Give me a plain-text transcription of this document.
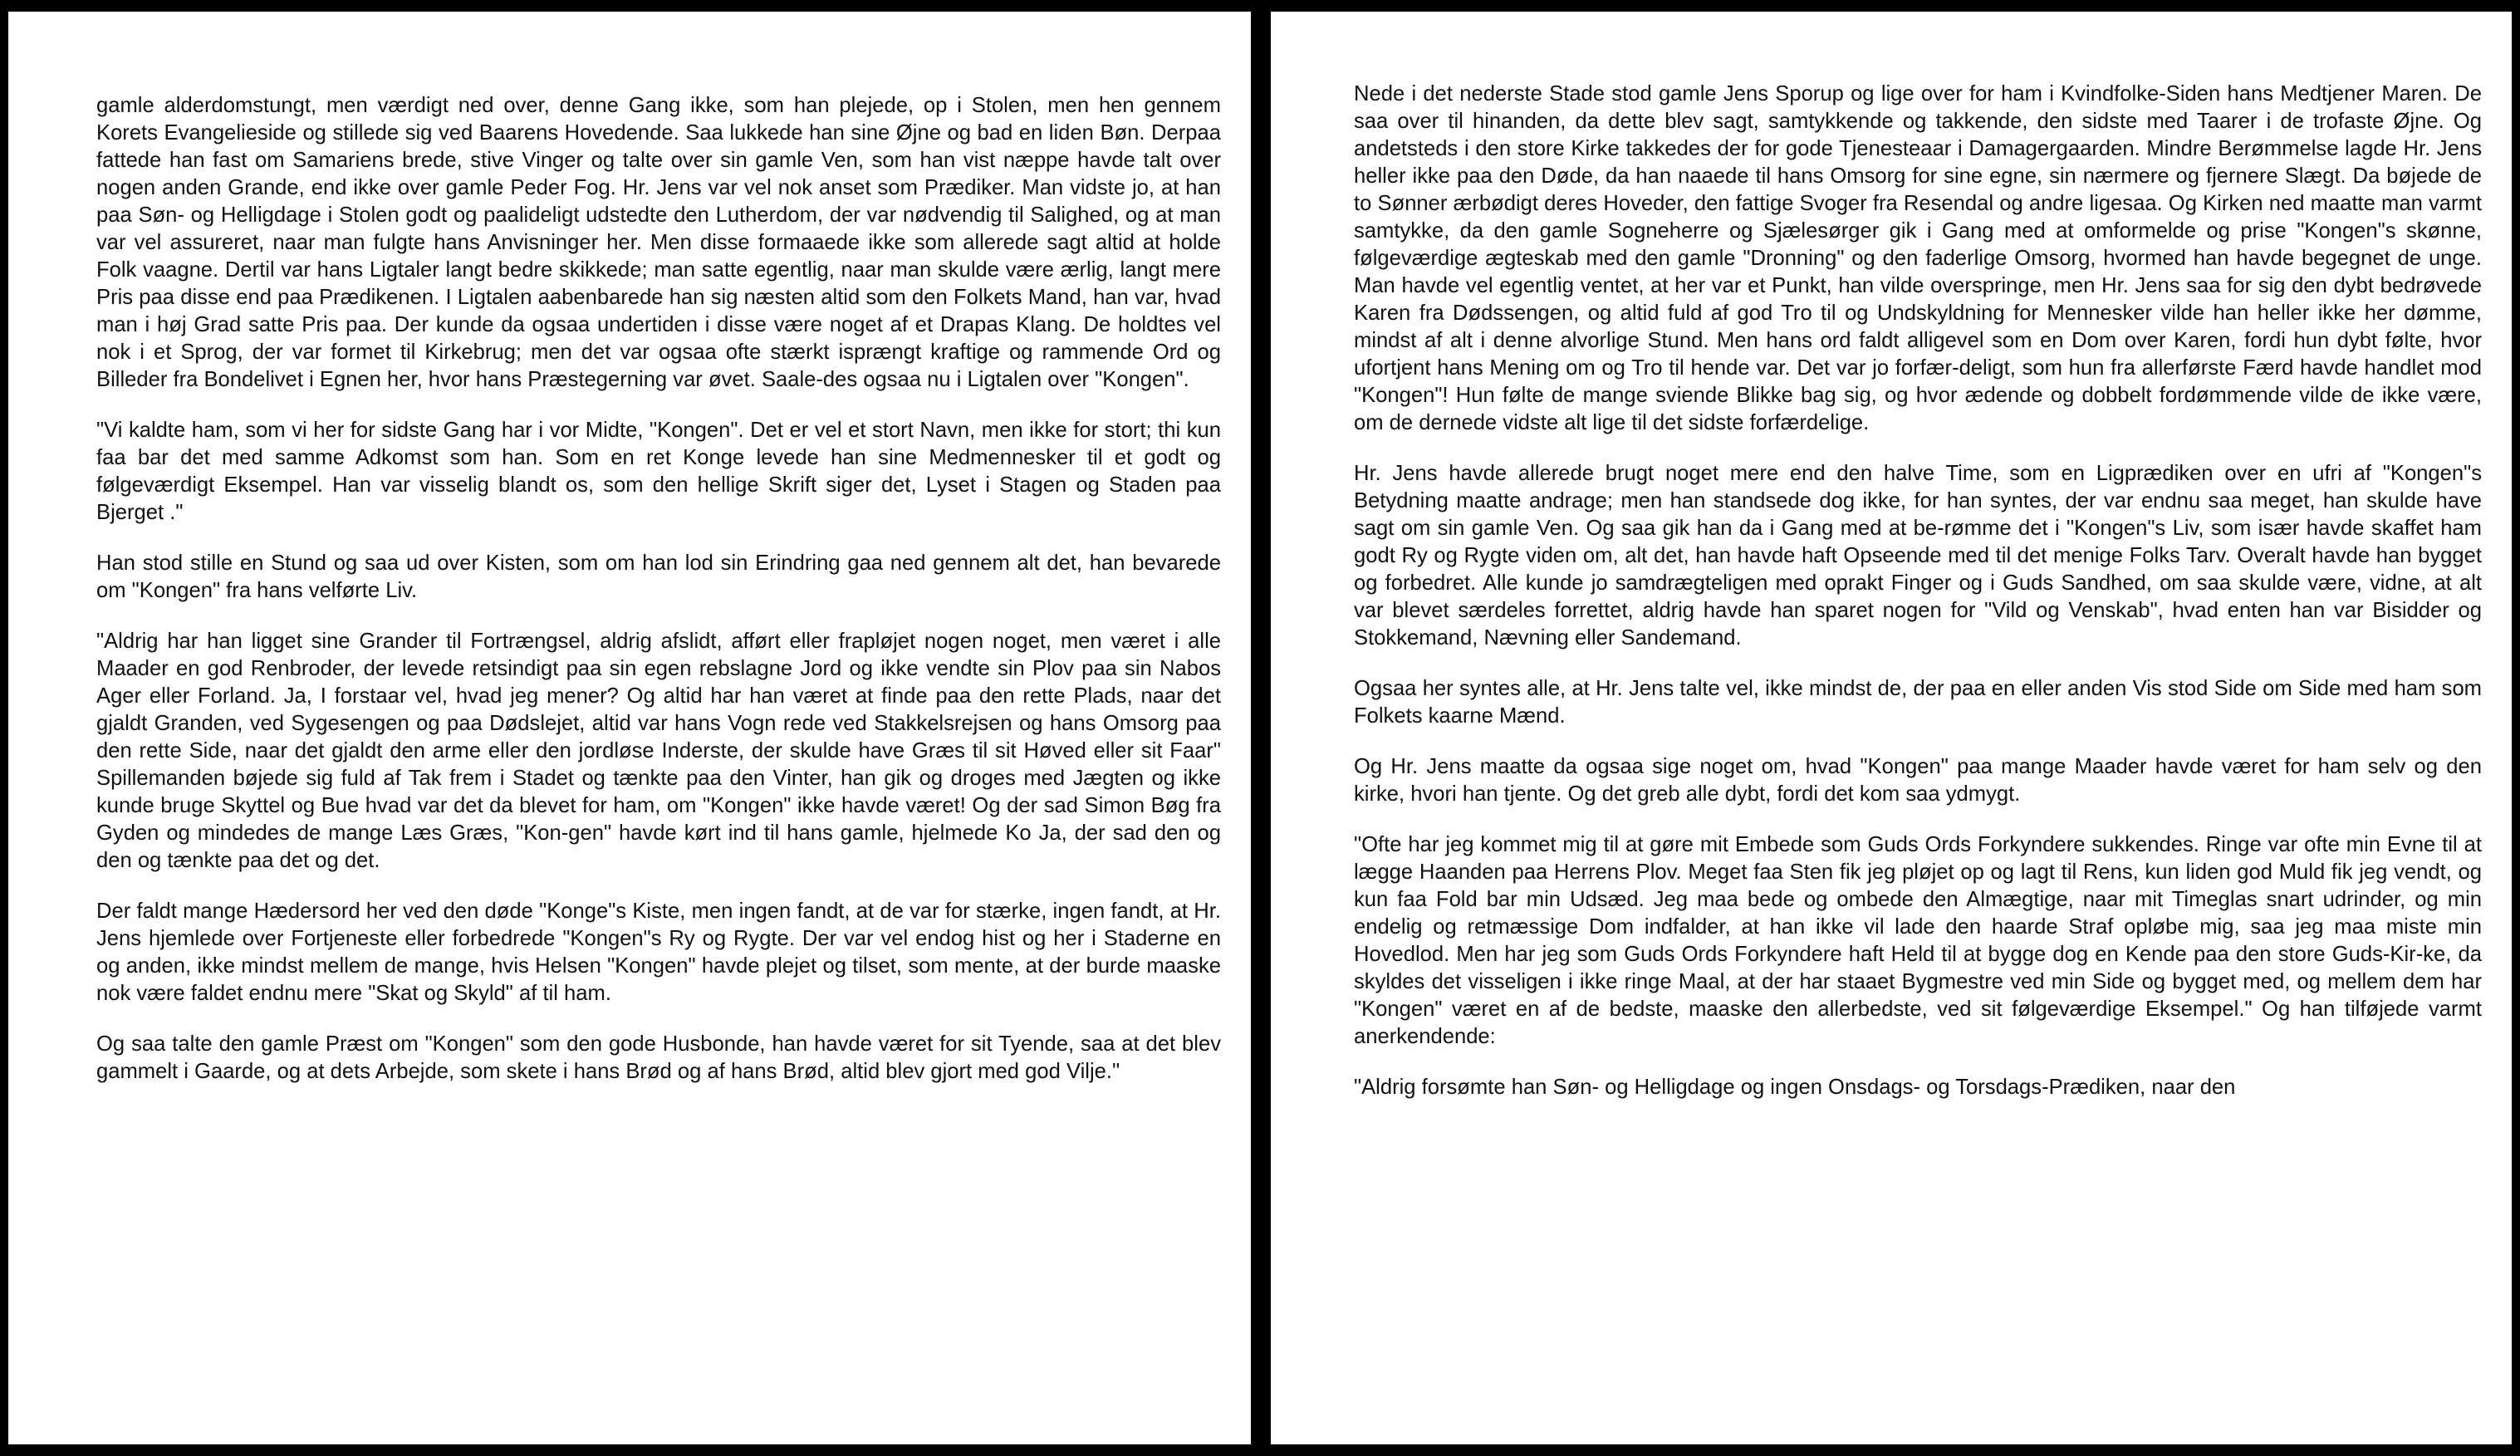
gamle alderdomstungt, men værdigt ned over, denne Gang ikke, som han plejede, op i Stolen, men hen gennem Korets Evangelieside og stillede sig ved Baarens Hovedende. Saa lukkede han sine Øjne og bad en liden Bøn. Derpaa fattede han fast om Samariens brede, stive Vinger og talte over sin gamle Ven, som han vist næppe havde talt over nogen anden Grande, end ikke over gamle Peder Fog. Hr. Jens var vel nok anset som Prædiker. Man vidste jo, at han paa Søn- og Helligdage i Stolen godt og paalideligt udstedte den Lutherdom, der var nødvendig til Salighed, og at man var vel assureret, naar man fulgte hans Anvisninger her. Men disse formaaede ikke som allerede sagt altid at holde Folk vaagne. Dertil var hans Ligtaler langt bedre skikkede; man satte egentlig, naar man skulde være ærlig, langt mere Pris paa disse end paa Prædikenen. I Ligtalen aabenbarede han sig næsten altid som den Folkets Mand, han var, hvad man i høj Grad satte Pris paa. Der kunde da ogsaa undertiden i disse være noget af et Drapas Klang. De holdtes vel nok i et Sprog, der var formet til Kirkebrug; men det var ogsaa ofte stærkt isprængt kraftige og rammende Ord og Billeder fra Bondelivet i Egnen her, hvor hans Præstegerning var øvet. Saale-des ogsaa nu i Ligtalen over "Kongen".

"Vi kaldte ham, som vi her for sidste Gang har i vor Midte, "Kongen". Det er vel et stort Navn, men ikke for stort; thi kun faa bar det med samme Adkomst som han. Som en ret Konge levede han sine Medmennesker til et godt og følgeværdigt Eksempel. Han var visselig blandt os, som den hellige Skrift siger det, Lyset i Stagen og Staden paa Bjerget ."

Han stod stille en Stund og saa ud over Kisten, som om han lod sin Erindring gaa ned gennem alt det, han bevarede om "Kongen" fra hans velførte Liv.

"Aldrig har han ligget sine Grander til Fortrængsel, aldrig afslidt, afført eller frapløjet nogen noget, men været i alle Maader en god Renbroder, der levede retsindigt paa sin egen rebslagne Jord og ikke vendte sin Plov paa sin Nabos Ager eller Forland. Ja, I forstaar vel, hvad jeg mener? Og altid har han været at finde paa den rette Plads, naar det gjaldt Granden, ved Sygesengen og paa Dødslejet, altid var hans Vogn rede ved Stakkelsrejsen og hans Omsorg paa den rette Side, naar det gjaldt den arme eller den jordløse Inderste, der skulde have Græs til sit Høved eller sit Faar" Spillemanden bøjede sig fuld af Tak frem i Stadet og tænkte paa den Vinter, han gik og droges med Jægten og ikke kunde bruge Skyttel og Bue hvad var det da blevet for ham, om "Kongen" ikke havde været! Og der sad Simon Bøg fra Gyden og mindedes de mange Læs Græs, "Kon-gen" havde kørt ind til hans gamle, hjelmede Ko Ja, der sad den og den og tænkte paa det og det.

Der faldt mange Hædersord her ved den døde "Konge"s Kiste, men ingen fandt, at de var for stærke, ingen fandt, at Hr. Jens hjemlede over Fortjeneste eller forbedrede "Kongen"s Ry og Rygte. Der var vel endog hist og her i Staderne en og anden, ikke mindst mellem de mange, hvis Helsen "Kongen" havde plejet og tilset, som mente, at der burde maaske nok være faldet endnu mere "Skat og Skyld" af til ham.

Og saa talte den gamle Præst om "Kongen" som den gode Husbonde, han havde været for sit Tyende, saa at det blev gammelt i Gaarde, og at dets Arbejde, som skete i hans Brød og af hans Brød, altid blev gjort med god Vilje."

Nede i det nederste Stade stod gamle Jens Sporup og lige over for ham i Kvindfolke-Siden hans Medtjener Maren. De saa over til hinanden, da dette blev sagt, samtykkende og takkende, den sidste med Taarer i de trofaste Øjne. Og andetsteds i den store Kirke takkedes der for gode Tjenesteaar i Damagergaarden. Mindre Berømmelse lagde Hr. Jens heller ikke paa den Døde, da han naaede til hans Omsorg for sine egne, sin nærmere og fjernere Slægt. Da bøjede de to Sønner ærbødigt deres Hoveder, den fattige Svoger fra Resendal og andre ligesaa. Og Kirken ned maatte man varmt samtykke, da den gamle Sogneherre og Sjælesørger gik i Gang med at omformelde og prise "Kongen"s skønne, følgeværdige ægteskab med den gamle "Dronning" og den faderlige Omsorg, hvormed han havde begegnet de unge. Man havde vel egentlig ventet, at her var et Punkt, han vilde overspringe, men Hr. Jens saa for sig den dybt bedrøvede Karen fra Dødssengen, og altid fuld af god Tro til og Undskyldning for Mennesker vilde han heller ikke her dømme, mindst af alt i denne alvorlige Stund. Men hans ord faldt alligevel som en Dom over Karen, fordi hun dybt følte, hvor ufortjent hans Mening om og Tro til hende var. Det var jo forfær-deligt, som hun fra allerførste Færd havde handlet mod "Kongen"! Hun følte de mange sviende Blikke bag sig, og hvor ædende og dobbelt fordømmende vilde de ikke være, om de dernede vidste alt lige til det sidste forfærdelige.

Hr. Jens havde allerede brugt noget mere end den halve Time, som en Ligprædiken over en ufri af "Kongen"s Betydning maatte andrage; men han standsede dog ikke, for han syntes, der var endnu saa meget, han skulde have sagt om sin gamle Ven. Og saa gik han da i Gang med at be-rømme det i "Kongen"s Liv, som især havde skaffet ham godt Ry og Rygte viden om, alt det, han havde haft Opseende med til det menige Folks Tarv. Overalt havde han bygget og forbedret. Alle kunde jo samdrægteligen med oprakt Finger og i Guds Sandhed, om saa skulde være, vidne, at alt var blevet særdeles forrettet, aldrig havde han sparet nogen for "Vild og Venskab", hvad enten han var Bisidder og Stokkemand, Nævning eller Sandemand.

Ogsaa her syntes alle, at Hr. Jens talte vel, ikke mindst de, der paa en eller anden Vis stod Side om Side med ham som Folkets kaarne Mænd.

Og Hr. Jens maatte da ogsaa sige noget om, hvad "Kongen" paa mange Maader havde været for ham selv og den kirke, hvori han tjente. Og det greb alle dybt, fordi det kom saa ydmygt.

"Ofte har jeg kommet mig til at gøre mit Embede som Guds Ords Forkyndere sukkendes. Ringe var ofte min Evne til at lægge Haanden paa Herrens Plov. Meget faa Sten fik jeg pløjet op og lagt til Rens, kun liden god Muld fik jeg vendt, og kun faa Fold bar min Udsæd. Jeg maa bede og ombede den Almægtige, naar mit Timeglas snart udrinder, og min endelig og retmæssige Dom indfalder, at han ikke vil lade den haarde Straf opløbe mig, saa jeg maa miste min Hovedlod. Men har jeg som Guds Ords Forkyndere haft Held til at bygge dog en Kende paa den store Guds-Kir-ke, da skyldes det visseligen i ikke ringe Maal, at der har staaet Bygmestre ved min Side og bygget med, og mellem dem har "Kongen" været en af de bedste, maaske den allerbedste, ved sit følgeværdige Eksempel." Og han tilføjede varmt anerkendende:

"Aldrig forsømte han Søn- og Helligdage og ingen Onsdags- og Torsdags-Prædiken, naar den
